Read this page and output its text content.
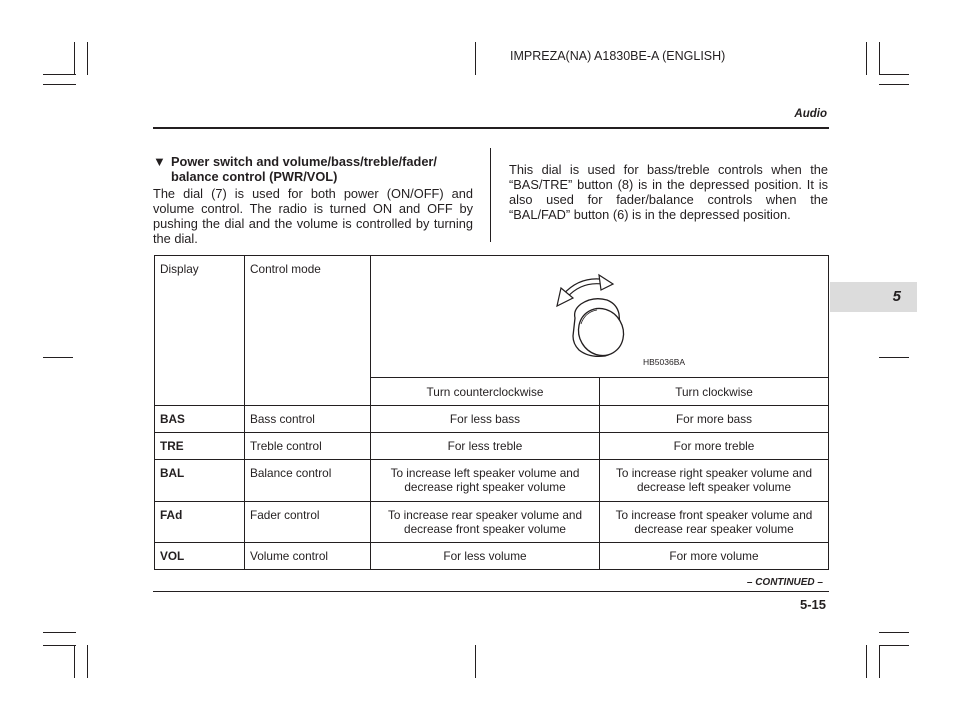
IMPREZA(NA) A1830BE-A (ENGLISH)
Audio
5
▼ Power switch and volume/bass/treble/fader/ balance control (PWR/VOL)
The dial (7) is used for both power (ON/OFF) and volume control. The radio is turned ON and OFF by pushing the dial and the volume is controlled by turning the dial.
This dial is used for bass/treble controls when the “BAS/TRE” button (8) is in the depressed position. It is also used for fader/balance controls when the “BAL/FAD” button (6) is in the depressed position.
Display	Control mode	HB5036BA	

		Turn counterclockwise	Turn clockwise

BAS	Bass control	For less bass	For more bass

TRE	Treble control	For less treble	For more treble

BAL	Balance control	To increase left speaker volume and decrease right speaker volume	To increase right speaker volume and decrease left speaker volume

FAd	Fader control	To increase rear speaker volume and decrease front speaker volume	To increase front speaker volume and decrease rear speaker volume

VOL	Volume control	For less volume	For more volume
– CONTINUED –
5-15
